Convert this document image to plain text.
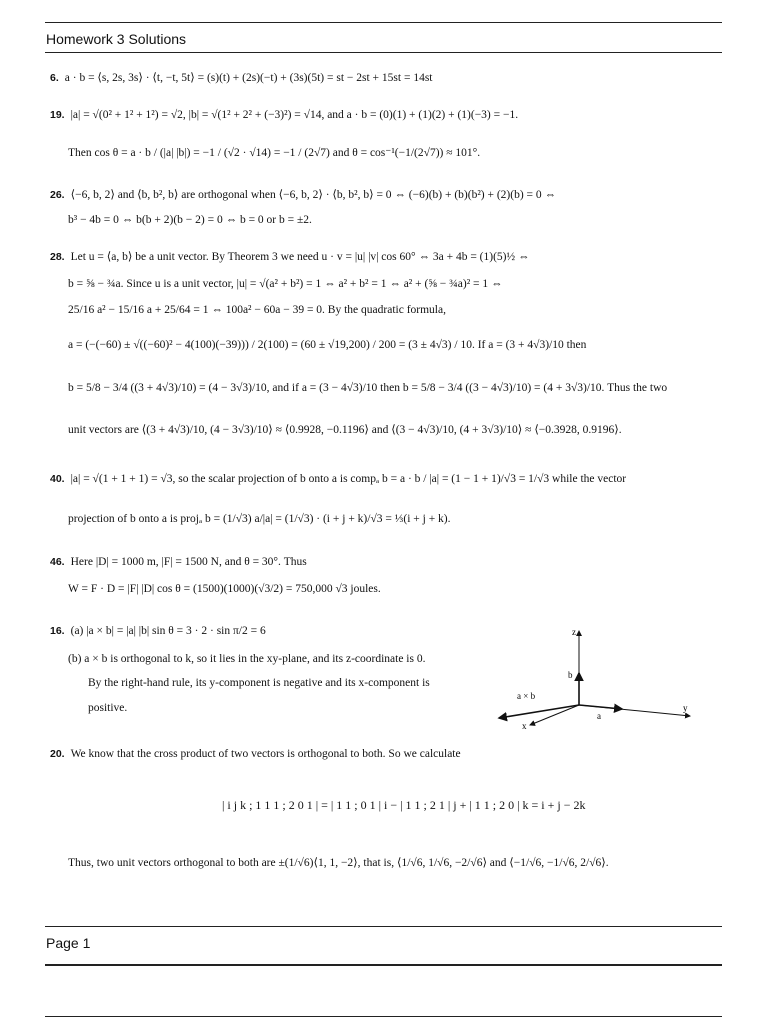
Homework 3 Solutions
6. a · b = ⟨s, 2s, 3s⟩ · ⟨t, −t, 5t⟩ = (s)(t) + (2s)(−t) + (3s)(5t) = st − 2st + 15st = 14st
19. |a| = √(0² + 1² + 1²) = √2, |b| = √(1² + 2² + (−3)²) = √14, and a · b = (0)(1) + (1)(2) + (1)(−3) = −1.
Then cos θ = a · b / (|a| |b|) = −1 / (√2 · √14) = −1 / (2√7) and θ = cos⁻¹(−1/(2√7)) ≈ 101°.
26. ⟨−6, b, 2⟩ and ⟨b, b², b⟩ are orthogonal when ⟨−6, b, 2⟩ · ⟨b, b², b⟩ = 0 ⇔ (−6)(b) + (b)(b²) + (2)(b) = 0 ⇔
b³ − 4b = 0 ⇔ b(b + 2)(b − 2) = 0 ⇔ b = 0 or b = ±2.
28. Let u = ⟨a, b⟩ be a unit vector. By Theorem 3 we need u · v = |u| |v| cos 60° ⇔ 3a + 4b = (1)(5)½ ⇔
b = ⅝ − ¾a. Since u is a unit vector, |u| = √(a² + b²) = 1 ⇔ a² + b² = 1 ⇔ a² + (⅝ − ¾a)² = 1 ⇔
25/16 a² − 15/16 a + 25/64 = 1 ⇔ 100a² − 60a − 39 = 0. By the quadratic formula,
a = (−(−60) ± √((−60)² − 4(100)(−39))) / 2(100) = (60 ± √19,200) / 200 = (3 ± 4√3) / 10. If a = (3 + 4√3)/10 then
b = 5/8 − 3/4 ((3 + 4√3)/10) = (4 − 3√3)/10, and if a = (3 − 4√3)/10 then b = 5/8 − 3/4 ((3 − 4√3)/10) = (4 + 3√3)/10. Thus the two
unit vectors are ⟨(3 + 4√3)/10, (4 − 3√3)/10⟩ ≈ ⟨0.9928, −0.1196⟩ and ⟨(3 − 4√3)/10, (4 + 3√3)/10⟩ ≈ ⟨−0.3928, 0.9196⟩.
40. |a| = √(1 + 1 + 1) = √3, so the scalar projection of b onto a is compₐ b = a · b / |a| = (1 − 1 + 1)/√3 = 1/√3 while the vector
projection of b onto a is projₐ b = (1/√3) a/|a| = (1/√3) · (i + j + k)/√3 = ⅓(i + j + k).
46. Here |D| = 1000 m, |F| = 1500 N, and θ = 30°. Thus
W = F · D = |F| |D| cos θ = (1500)(1000)(√3/2) = 750,000 √3 joules.
16. (a) |a × b| = |a| |b| sin θ = 3 · 2 · sin π/2 = 6
(b) a × b is orthogonal to k, so it lies in the xy-plane, and its z-coordinate is 0.
By the right-hand rule, its y-component is negative and its x-component is
positive.
z
y
x
b
a
a × b
20. We know that the cross product of two vectors is orthogonal to both. So we calculate
| i j k ; 1 1 1 ; 2 0 1 | = | 1 1 ; 0 1 | i − | 1 1 ; 2 1 | j + | 1 1 ; 2 0 | k = i + j − 2k
Thus, two unit vectors orthogonal to both are ±(1/√6)⟨1, 1, −2⟩, that is, ⟨1/√6, 1/√6, −2/√6⟩ and ⟨−1/√6, −1/√6, 2/√6⟩.
Page 1
